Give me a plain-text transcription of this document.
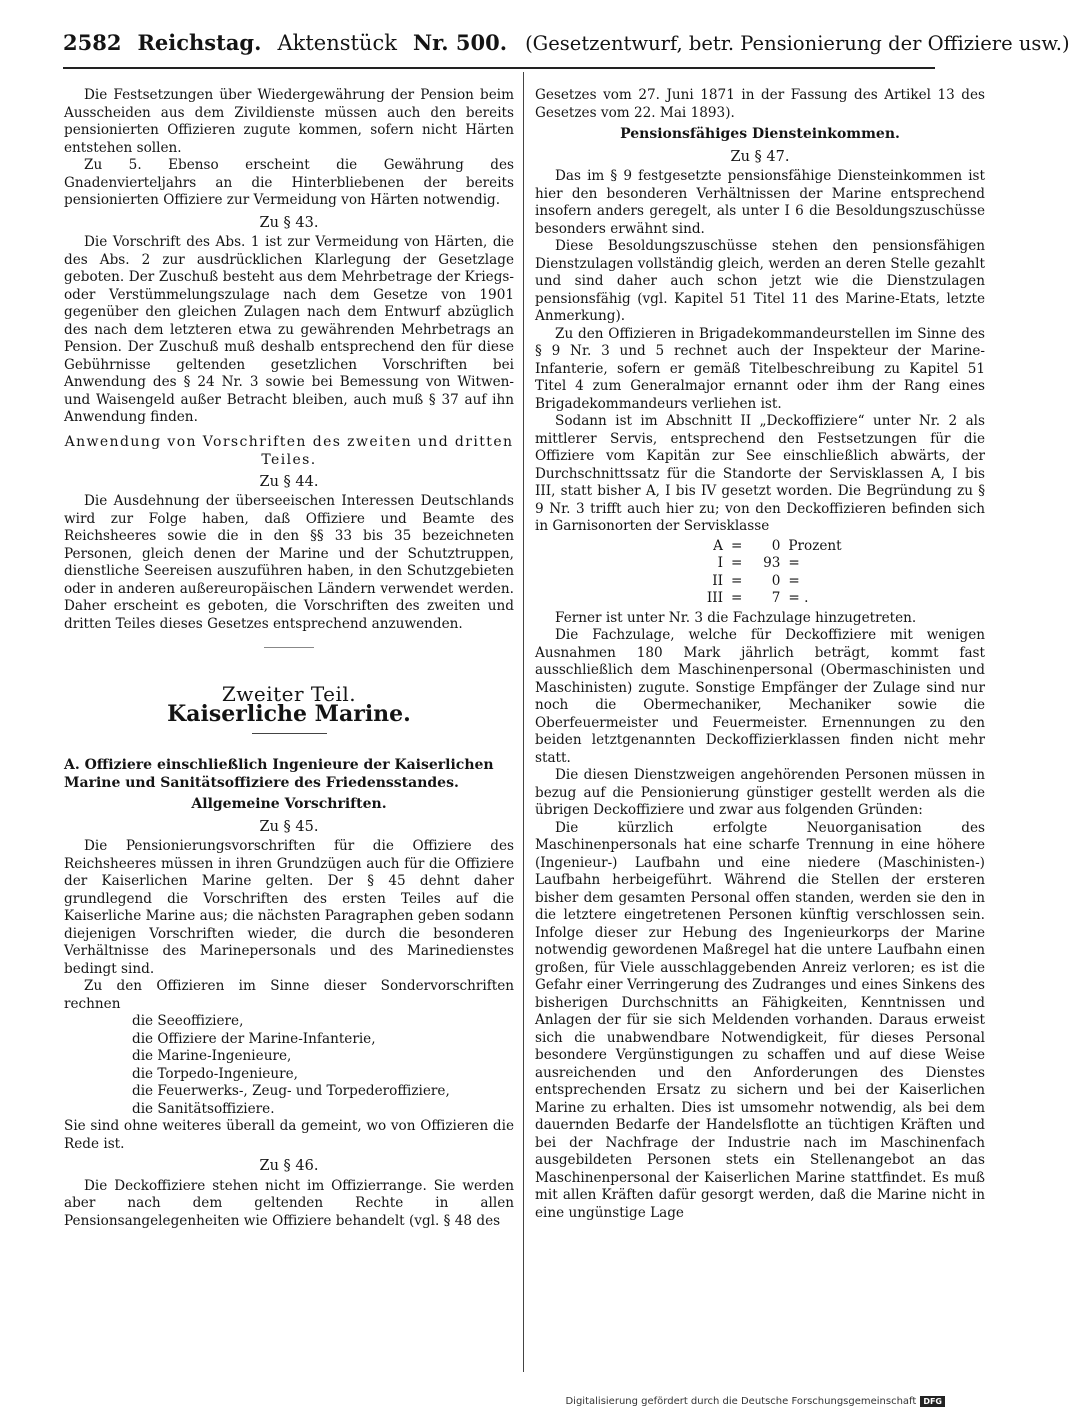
2582 Reichstag. Aktenstück Nr. 500. (Gesetzentwurf, betr. Pensionierung der Offiziere usw.)

Die Festsetzungen über Wiedergewährung der Pension beim Ausscheiden aus dem Zivildienste müssen auch den bereits pensionierten Offizieren zugute kommen, sofern nicht Härten entstehen sollen.

Zu 5. Ebenso erscheint die Gewährung des Gnadenvierteljahrs an die Hinterbliebenen der bereits pensionierten Offiziere zur Vermeidung von Härten notwendig.

Zu § 43.

Die Vorschrift des Abs. 1 ist zur Vermeidung von Härten, die des Abs. 2 zur ausdrücklichen Klarlegung der Gesetzlage geboten. Der Zuschuß besteht aus dem Mehrbetrage der Kriegs- oder Verstümmelungszulage nach dem Gesetze von 1901 gegenüber den gleichen Zulagen nach dem Entwurf abzüglich des nach dem letzteren etwa zu gewährenden Mehrbetrags an Pension. Der Zuschuß muß deshalb entsprechend den für diese Gebührnisse geltenden gesetzlichen Vorschriften bei Anwendung des § 24 Nr. 3 sowie bei Bemessung von Witwen- und Waisengeld außer Betracht bleiben, auch muß § 37 auf ihn Anwendung finden.

Anwendung von Vorschriften des zweiten und dritten Teiles.
Zu § 44.

Die Ausdehnung der überseeischen Interessen Deutschlands wird zur Folge haben, daß Offiziere und Beamte des Reichsheeres sowie die in den §§ 33 bis 35 bezeichneten Personen, gleich denen der Marine und der Schutztruppen, dienstliche Seereisen auszuführen haben, in den Schutzgebieten oder in anderen außereuropäischen Ländern verwendet werden. Daher erscheint es geboten, die Vorschriften des zweiten und dritten Teiles dieses Gesetzes entsprechend anzuwenden.

Zweiter Teil.
Kaiserliche Marine.
A. Offiziere einschließlich Ingenieure der Kaiserlichen Marine und Sanitätsoffiziere des Friedensstandes.
Allgemeine Vorschriften.
Zu § 45.

Die Pensionierungsvorschriften für die Offiziere des Reichsheeres müssen in ihren Grundzügen auch für die Offiziere der Kaiserlichen Marine gelten. Der § 45 dehnt daher grundlegend die Vorschriften des ersten Teiles auf die Kaiserliche Marine aus; die nächsten Paragraphen geben sodann diejenigen Vorschriften wieder, die durch die besonderen Verhältnisse des Marinepersonals und des Marinedienstes bedingt sind.

Zu den Offizieren im Sinne dieser Sondervorschriften rechnen

die Seeoffiziere,
die Offiziere der Marine-Infanterie,
die Marine-Ingenieure,
die Torpedo-Ingenieure,
die Feuerwerks-, Zeug- und Torpederoffiziere,
die Sanitätsoffiziere.

Sie sind ohne weiteres überall da gemeint, wo von Offizieren die Rede ist.

Zu § 46.

Die Deckoffiziere stehen nicht im Offizierrange. Sie werden aber nach dem geltenden Rechte in allen Pensionsangelegenheiten wie Offiziere behandelt (vgl. § 48 des

Gesetzes vom 27. Juni 1871 in der Fassung des Artikel 13 des Gesetzes vom 22. Mai 1893).

Pensionsfähiges Diensteinkommen.
Zu § 47.

Das im § 9 festgesetzte pensionsfähige Diensteinkommen ist hier den besonderen Verhältnissen der Marine entsprechend insofern anders geregelt, als unter I 6 die Besoldungszuschüsse besonders erwähnt sind.

Diese Besoldungszuschüsse stehen den pensionsfähigen Dienstzulagen vollständig gleich, werden an deren Stelle gezahlt und sind daher auch schon jetzt wie die Dienstzulagen pensionsfähig (vgl. Kapitel 51 Titel 11 des Marine-Etats, letzte Anmerkung).

Zu den Offizieren in Brigadekommandeurstellen im Sinne des § 9 Nr. 3 und 5 rechnet auch der Inspekteur der Marine-Infanterie, sofern er gemäß Titelbeschreibung zu Kapitel 51 Titel 4 zum Generalmajor ernannt oder ihm der Rang eines Brigadekommandeurs verliehen ist.

Sodann ist im Abschnitt II „Deckoffiziere“ unter Nr. 2 als mittlerer Servis, entsprechend den Festsetzungen für die Offiziere vom Kapitän zur See einschließlich abwärts, der Durchschnittssatz für die Standorte der Servisklassen A, I bis III, statt bisher A, I bis IV gesetzt worden. Die Begründung zu § 9 Nr. 3 trifft auch hier zu; von den Deckoffizieren befinden sich in Garnisonorten der Servisklasse

A	=	0	Prozent
I	=	93	=
II	=	0	=
III	=	7	= .

Ferner ist unter Nr. 3 die Fachzulage hinzugetreten.

Die Fachzulage, welche für Deckoffiziere mit wenigen Ausnahmen 180 Mark jährlich beträgt, kommt fast ausschließlich dem Maschinenpersonal (Obermaschinisten und Maschinisten) zugute. Sonstige Empfänger der Zulage sind nur noch die Obermechaniker, Mechaniker sowie die Oberfeuermeister und Feuermeister. Ernennungen zu den beiden letztgenannten Deckoffizierklassen finden nicht mehr statt.

Die diesen Dienstzweigen angehörenden Personen müssen in bezug auf die Pensionierung günstiger gestellt werden als die übrigen Deckoffiziere und zwar aus folgenden Gründen:

Die kürzlich erfolgte Neuorganisation des Maschinenpersonals hat eine scharfe Trennung in eine höhere (Ingenieur-) Laufbahn und eine niedere (Maschinisten-) Laufbahn herbeigeführt. Während die Stellen der ersteren bisher dem gesamten Personal offen standen, werden sie den in die letztere eingetretenen Personen künftig verschlossen sein. Infolge dieser zur Hebung des Ingenieurkorps der Marine notwendig gewordenen Maßregel hat die untere Laufbahn einen großen, für Viele ausschlaggebenden Anreiz verloren; es ist die Gefahr einer Verringerung des Zudranges und eines Sinkens des bisherigen Durchschnitts an Fähigkeiten, Kenntnissen und Anlagen der für sie sich Meldenden vorhanden. Daraus erweist sich die unabwendbare Notwendigkeit, für dieses Personal besondere Vergünstigungen zu schaffen und auf diese Weise ausreichenden und den Anforderungen des Dienstes entsprechenden Ersatz zu sichern und bei der Kaiserlichen Marine zu erhalten. Dies ist umsomehr notwendig, als bei dem dauernden Bedarfe der Handelsflotte an tüchtigen Kräften und bei der Nachfrage der Industrie nach im Maschinenfach ausgebildeten Personen stets ein Stellenangebot an das Maschinenpersonal der Kaiserlichen Marine stattfindet. Es muß mit allen Kräften dafür gesorgt werden, daß die Marine nicht in eine ungünstige Lage

Digitalisierung gefördert durch die Deutsche Forschungsgemeinschaft DFG
